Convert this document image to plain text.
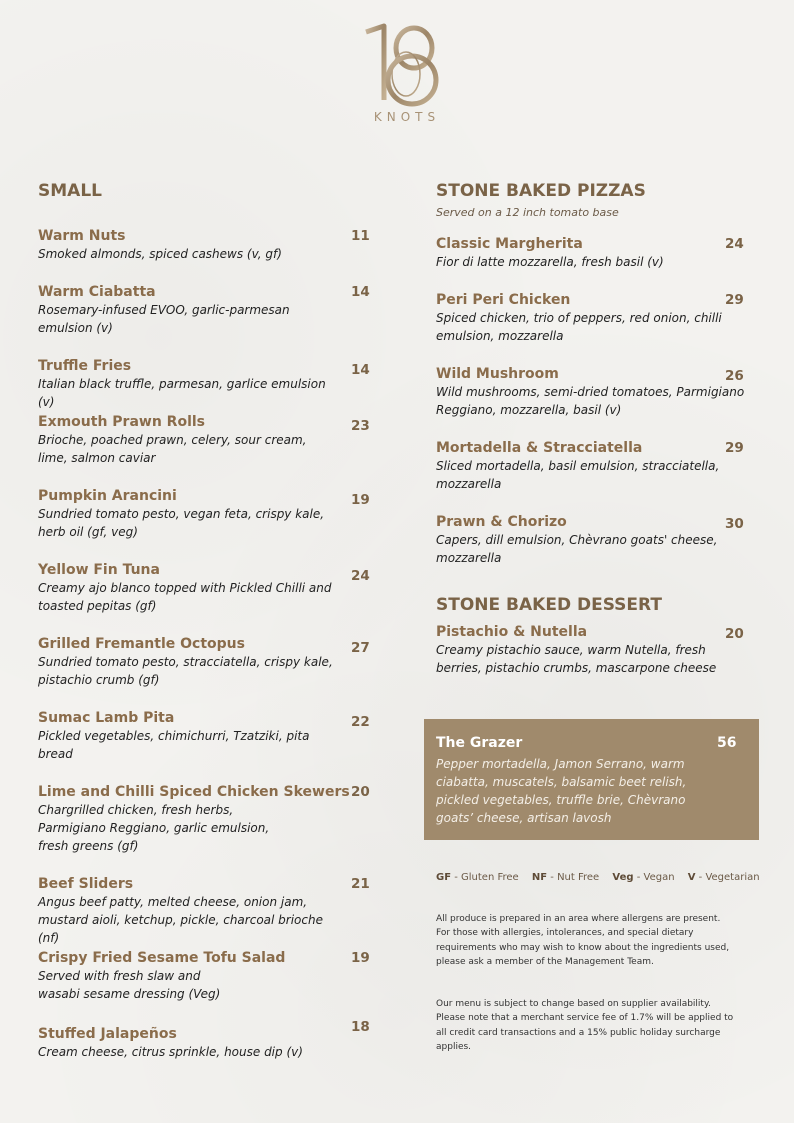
KNOTS
SMALL
Warm Nuts
Smoked almonds, spiced cashews (v, gf)
11
Warm Ciabatta
Rosemary-infused EVOO, garlic-parmesan emulsion (v)
14
Truffle Fries
Italian black truffle, parmesan, garlice emulsion (v)
14
Exmouth Prawn Rolls
Brioche, poached prawn, celery, sour cream, lime, salmon caviar
23
Pumpkin Arancini
Sundried tomato pesto, vegan feta, crispy kale, herb oil (gf, veg)
19
Yellow Fin Tuna
Creamy ajo blanco topped with Pickled Chilli and toasted pepitas (gf)
24
Grilled Fremantle Octopus
Sundried tomato pesto, stracciatella, crispy kale, pistachio crumb (gf)
27
Sumac Lamb Pita
Pickled vegetables, chimichurri, Tzatziki, pita bread
22
Lime and Chilli Spiced Chicken Skewers
Chargrilled chicken, fresh herbs, Parmigiano Reggiano, garlic emulsion, fresh greens (gf)
20
Beef Sliders
Angus beef patty, melted cheese, onion jam, mustard aioli, ketchup, pickle, charcoal brioche (nf)
21
Crispy Fried Sesame Tofu Salad
Served with fresh slaw and wasabi sesame dressing (Veg)
19
Stuffed Jalapeños
Cream cheese, citrus sprinkle, house dip (v)
18
STONE BAKED PIZZAS
Served on a 12 inch tomato base
Classic Margherita
Fior di latte mozzarella, fresh basil (v)
24
Peri Peri Chicken
Spiced chicken, trio of peppers, red onion, chilli emulsion, mozzarella
29
Wild Mushroom
Wild mushrooms, semi-dried tomatoes, Parmigiano Reggiano, mozzarella, basil (v)
26
Mortadella & Stracciatella
Sliced mortadella, basil emulsion, stracciatella, mozzarella
29
Prawn & Chorizo
Capers, dill emulsion, Chèvrano goats' cheese, mozzarella
30
STONE BAKED DESSERT
Pistachio & Nutella
Creamy pistachio sauce, warm Nutella, fresh berries, pistachio crumbs, mascarpone cheese
20
The Grazer	56
Pepper mortadella, Jamon Serrano, warm ciabatta, muscatels, balsamic beet relish, pickled vegetables, truffle brie, Chèvrano goats’ cheese, artisan lavosh
GF - Gluten Free NF - Nut Free Veg - Vegan V - Vegetarian
All produce is prepared in an area where allergens are present. For those with allergies, intolerances, and special dietary requirements who may wish to know about the ingredients used, please ask a member of the Management Team.
Our menu is subject to change based on supplier availability. Please note that a merchant service fee of 1.7% will be applied to all credit card transactions and a 15% public holiday surcharge applies.
